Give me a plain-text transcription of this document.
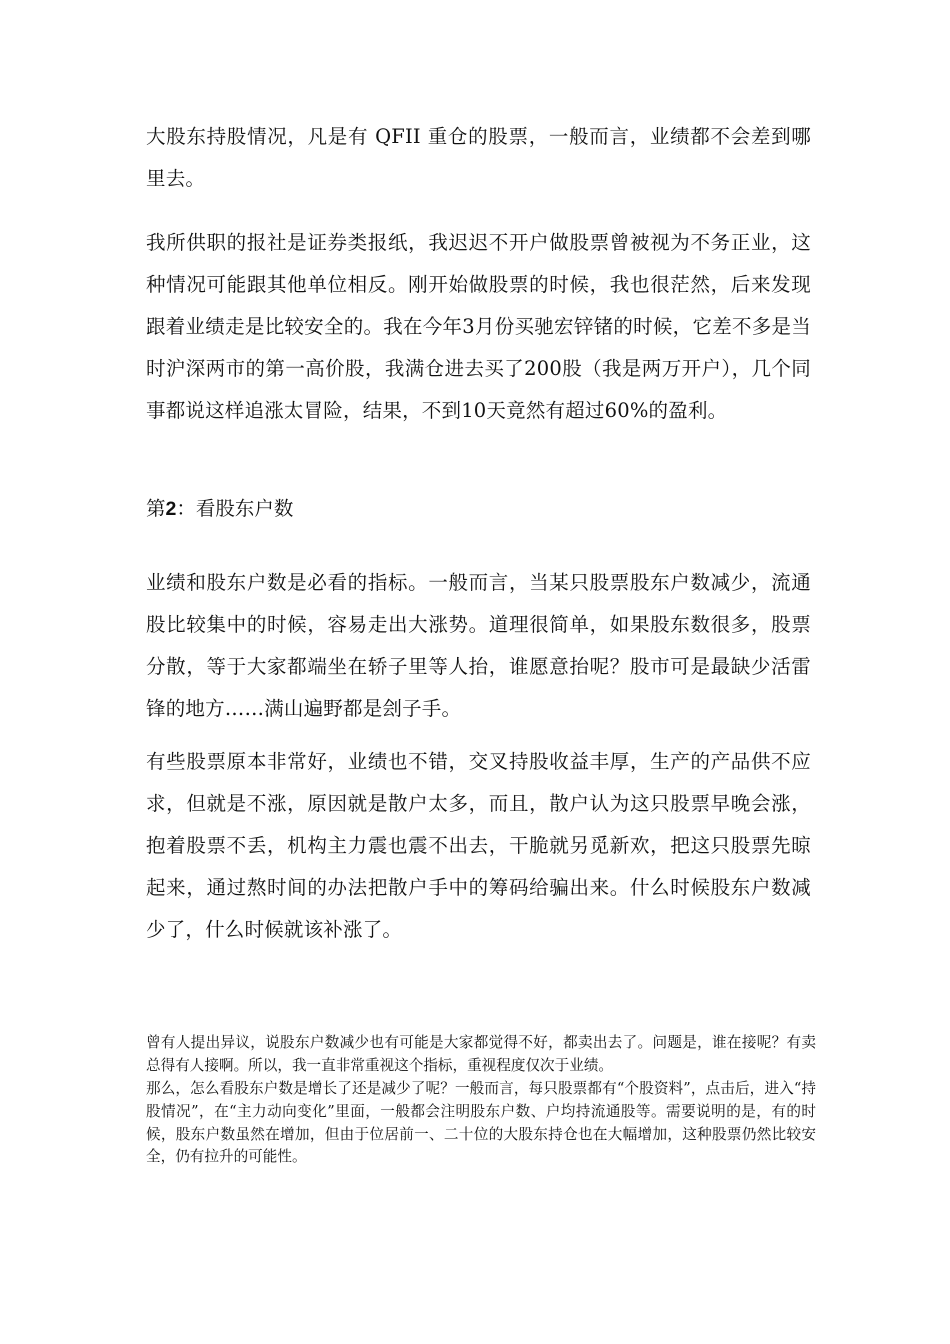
大股东持股情况，凡是有 QFII 重仓的股票，一般而言，业绩都不会差到哪里去。

我所供职的报社是证券类报纸，我迟迟不开户做股票曾被视为不务正业，这种情况可能跟其他单位相反。刚开始做股票的时候，我也很茫然，后来发现跟着业绩走是比较安全的。我在今年3月份买驰宏锌锗的时候，它差不多是当时沪深两市的第一高价股，我满仓进去买了200股（我是两万开户），几个同事都说这样追涨太冒险，结果，不到10天竟然有超过60%的盈利。

第2：看股东户数

业绩和股东户数是必看的指标。一般而言，当某只股票股东户数减少，流通股比较集中的时候，容易走出大涨势。道理很简单，如果股东数很多，股票分散，等于大家都端坐在轿子里等人抬，谁愿意抬呢？股市可是最缺少活雷锋的地方……满山遍野都是刽子手。

有些股票原本非常好，业绩也不错，交叉持股收益丰厚，生产的产品供不应求，但就是不涨，原因就是散户太多，而且，散户认为这只股票早晚会涨，抱着股票不丢，机构主力震也震不出去，干脆就另觅新欢，把这只股票先晾起来，通过熬时间的办法把散户手中的筹码给骗出来。什么时候股东户数减少了，什么时候就该补涨了。

曾有人提出异议，说股东户数减少也有可能是大家都觉得不好，都卖出去了。问题是，谁在接呢？有卖总得有人接啊。所以，我一直非常重视这个指标，重视程度仅次于业绩。

那么，怎么看股东户数是增长了还是减少了呢？一般而言，每只股票都有“个股资料”，点击后，进入“持股情况”，在“主力动向变化”里面，一般都会注明股东户数、户均持流通股等。需要说明的是，有的时候，股东户数虽然在增加，但由于位居前一、二十位的大股东持仓也在大幅增加，这种股票仍然比较安全，仍有拉升的可能性。
